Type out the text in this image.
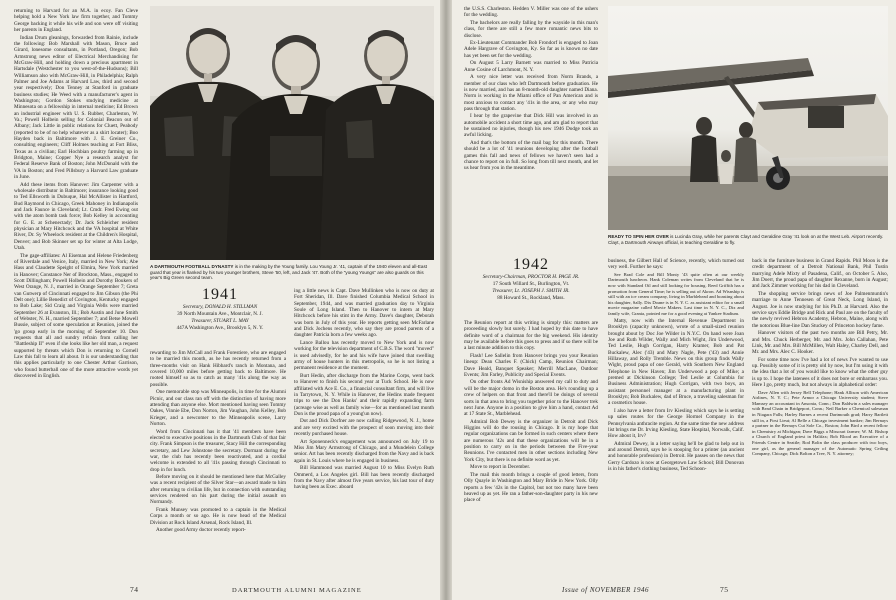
returning to Harvard for an M.A. in ecoy. Fan Cleve helping hold a New York law firm together, and Tommy George backing it while his wife and son were off visiting her parents in England.

Indian Drum gleanings, forwarded from Rainie, include the following: Bob Marshall with Mason, Bruce and Girard, lonesome consultants, in Portland, Oregon; Bob Armstrong news editor of Electrical Merchandising for McGraw-Hill, and holding down a precious apartment in Hartsdale (Westchester to you west-of-the-Hudsons); Bill Williamson also with McGraw-Hill, in Philadelphia; Ralph Palmer and Joe Adams at Harvard Law, third and second year respectively; Don Tenney at Stanford in graduate business studies; He Weed with a manufacturer's agent in Washington; Gordon Stokes studying medicine at Minnesota on a fellowship in internal medicine; Ed Brown an industrial engineer with U. S. Rubber, Charleston, W. Va.; Powell Holbein selling for Colonial Beacon out of Albany; Jack Little in public relations for Cluett, Peabody (reported to be of no help whatever as a shirt locater); Boo Hayden back in Baltimore with J. E. Greiner Co., consulting engineers; Cliff Holmes teaching at Fort Bliss, Texas as a civilian; Earl Hochbian poultry farming up in Bridgton, Maine; Copper Nye a research analyst for Federal Reserve Bank of Boston; John McDonald with the VA in Boston; and Fred Pillsbury a Harvard Law graduate in June.

Add these items from Hanover: Jim Carpenter with a wholesale distributor in Baltimore; insurance looking good to Ted Ellsworth in Dubuque, Hal McAllister in Hartford, Bud Raymond in Chicago, Greek Mahoney in Indianapolis and Jack Faunce in Cleveland; Lt. Cmdr. Fred Ewing out with the atom bomb task force; Bob Kelley in accounting for G. E. at Schenectady; Dr. Jack Schleicher resident physician at Mary Hitchcock and the VA hospital at White River, Dr. Sy Wheelock resident at the Children's Hospital, Denver; and Bob Skinner set up for winter at Alta Lodge, Utah.

The gage-affiliates: Al Eiseman and Helene Friedenberg of Riverdale and Venice, Italy, married in New York; Abe Hass and Claudette Speight of Elmira, New York married in Hanover; Constance Ner of Brockton, Mass., engaged to Scott Dillingham; Powell Holbein and Dorothy Boukers of West Orange, N. J., married in Orange September 7; Greta van Gutwerp of Cincinnati engaged to Jim Gibson (the Phi Delt one); Lillie Benedict of Covington, Kentucky engaged to Bob Lake; Sid Craig and Virginia Wells were married September 26 at Evanston, Ill.; Bob Austin and June Smith of Webster, N. H., married September 7; and Betse Mowell Bussie, subject of some speculation at Reunion, joined the 'go group early in the morning of September 10. Don requests that all and sundry refrain from calling her "Battleship II" even if she looks like her old man, a request supported by threats which Don is returning to Cornell Law this fall to learn all about. It is our understanding that this applies particularly to one Chester Arthur Garrison, who found butterball one of the more attractive words yet discovered in English.

A DARTMOUTH FOOTBALL DYNASTY is in the making by the Young family. Lou Young Jr. '41, captain of the 1940 eleven and all-East guard that year is flanked by his two younger brothers, Steve '50, left, and Jack '47. Both of the "young Youngs" are also guards on this year's Big Green second team.
1941
Secretary, DONALD H. STILLMAN
39 North Mountain Ave., Montclair, N. J.
Treasurer, STUART L. MAY
447A Washington Ave., Brooklyn 5, N. Y.

rewarding to Jim McCall and Frank Forestiere, who are engaged to be married this month, as he has recently returned from a three-months visit on Hank Hibbard's ranch in Montana, and covered 10,000 miles before getting back to Baltimore. He rooted himself so as to catch as many '41s along the way as possible.

One memorable stop was Minneapolis, in time for the Alumni Picnic, and our class ran off with the distinction of having more attending than anyone else. Mort mentioned having seen Tommy Oakes, Vinnie Ebe, Don Norton, Jim Vaughan, John Kelley, Bob Krieger, and a newcomer to the Minneapolis scene, Larry Norton.

Word from Cincinnati has it that '41 members have been elected to executive positions in the Dartmouth Club of that fair city. Frank Simpson is the treasurer, Stacy Hill the corresponding secretary, and Lew Johnstone the secretary. Dormant during the war, the club has recently been reactivated, and a cordial welcome is extended to all '41s passing through Cincinnati to drop in for lunch.

Before moving on it should be mentioned here that McGalley was a recent recipient of the Silver Star—an award made to him after returning to civilian life, but in connection with outstanding services rendered on his part during the initial assault on Normandy.

Frank Munsey was promoted to a captain in the Medical Corps a month or so ago. He is now head of the Medical Division at Rock Island Arsenal, Rock Island, Ill.

Another good Army doctor recently report-

ing a little news is Capt. Dave Mullinken who is now on duty at Fort Sheridan, Ill. Dave finished Columbia Medical School in September, 1944, and was married graduation day to Virginia Soule of Long Island. Then to Hanover to intern at Mary Hitchcock before his stint in the Army. Dave's daughter, Deborah was born in July of this year. He reports getting seen McFarlane and Dick Jochens recently, who say they are proud parents of a daughter Patricia born a few weeks ago.

Lance Ballou has recently moved to New York and is now working for the television department of C.B.S. The word "moved" is used advisedly, for he and his wife have joined that swelling army of house hunters in this metropolis, so he is not listing a permanent residence at the moment.

Burt Hedin, after discharge from the Marine Corps, went back to Hanover to finish his second year at Tuck School. He is now affiliated with Ace E. Co., a financial consultant firm, and will live in Tarrytown, N. Y. While in Hanover, the Hedins made frequent trips to see the Don Hanks' and their rapidly expanding farm (acreage wise as well as family wise—for as mentioned last month Don is the proud papa of a young'un now).

Dot and Dick Dorfner are now calling Ridgewood, N. J., home and are very excited with the prospect of soon moving into their recently purchased house.

Art Sponenneck's engagement was announced on July 19 to Miss Jim Mary Armstrong of Chicago, and a Mundelein College senior. Art has been recently discharged from the Navy and is back again in St. Louis where he is engaged in business.

Bill Hammond was married August 10 to Miss Evelyn Ruth Ommerd, a Los Angeles girl. Bill has been recently discharged from the Navy after almost five years service, his last tour of duty having been as Exec. aboard

74	DARTMOUTH ALUMNI MAGAZINE

the U.S.S. Charleston. Hedden V. Miller was one of the ushers for the wedding.

The bachelors are really falling by the wayside in this man's class, for there are still a few more romantic news bits to disclose.

Ex-Lieutenant Commander Bob Frondorf is engaged to Joan Adele Hargrave of Covington, Ky. So far as is known no date has yet been set for the wedding.

On August 5 Larry Barnett was married to Miss Patricia Anne Cosine of Larchmont, N. Y.

A very nice letter was received from Norm Brands, a member of our class who left Dartmouth before graduation. He is now married, and has an 8-month-old daughter named Diana. Norm is working in the Miami office of Pan American and is most anxious to contact any '41s in the area, or any who may pass through that station.

I hear by the grapevine that Dick Hill was involved in an automobile accident a short time ago, and am glad to report that he sustained no injuries, though his new 1946 Dodge took an awful licking.

And that's the bottom of the mail bag for this month. There should be a lot of '41 reunions developing after the football games this fall and news of fellows we haven't seen had a chance to report on in full. So long from till next month, and let us hear from you in the meantime.

READY TO SPIN HER OVER is Lucinda Gray, while her parents Clayt and Geraldine Gray '41 look on at the West Leb. Airport recently. Clayt, a Dartmouth Airways official, is teaching Geraldine to fly.
1942
Secretary-Chairman, PROCTOR H. PAGE JR.
17 South Willard St., Burlington, Vt.
Treasurer, Lt. JOSEPH J. SMITH JR.
88 Howard St., Rockland, Mass.

The Reunion report at this writing is simply this: matters are proceeding slowly but surely. I had hoped by this date to have definite word of a chairman for the big weekend. His identity may be available before this goes to press and if so there will be a last minute addition to this copy.

Flash! Lee Sallelin from Hanover brings you your Reunion lineup: Dean Charles F. (Chick) Camp, Reunion Chairman; Dave Heald, Banquet Speaker; Merrill MacLane, Outdoor Events; Jim Farley, Publicity and Special Events.

On other fronts Ad Wisniship answered my call to duty and will be the major domo in the Boston area. He's rounding up a crew of helpers on that front and there'll be doings of several sorts in that area to bring you together prior to the Hanover trek next June. Anyone in a position to give him a hand, contact Ad at 17 State St., Marblehead.

Admiral Bob Dewey is the organizer in Detroit and Dick Higgins will do the rousing in Chicago. It is my hope that regular organizations can be formed in such centers where there are numerous '42s and that these organizations will be in a position to carry on in the periods between the Five-year Reunions. I've contacted men in other sections including New York City, but there is no definite word as yet.

Move to report in December.

The mail this month brings a couple of good letters, from Olly Quayle in Washington and Mary Bride in New York. Olly reports a few '42s in the Capitol, but not too many have been heaved up as yet. He ran a father-son-daughter party in his new place of

business, the Gilbert Hall of Science, recently, which turned out very well. Further he says:

See Brad Cole and Bill Monty '43 quite often at our weekly Dartmouth luncheon. Hank Coleman writes from Cleveland that he is now with Standard Oil and still looking for housing. Reed Griffith has a promotion from General Time; he is selling out of Akron. Ad Wisnship is still with an ice cream company, living in Marblehead and boasting about his daughter, Sally. Dix Doane is in N. Y. C. as assistant editor for a small movie magazine called Movie Makers. Last time in N. Y. C., Dix and family wife, Grania, pointed me for a good evening at Yankee Stadium.

Matty, now with the Internal Revenue Department in Brooklyn (capacity unknown), wrote of a small-sized reunion brought about by Doc Joe Wilder in N.Y.C. On hand were Joan Joe and Ruth Wilder, Wally and Mich Wight, Jim Underwood, Ted Leslie, Hugh Corrigan, Harry Kramer, Bob and Pat Buckalew, Alec ('43) and Mary Nagle, Pete ('43) and Annie Hillaway, and Rolly Tremble. News on this group finds Wally Wight, proud papa of one Gerald, with Southern New England Telephone in New Haven; Jim Underwood a pop of Mike; a premed at Dickinson College; Ted Leslie at Columbia for Business Administration; Hugh Corrigan, with two boys, an assistant personnel manager at a manufacturing plant in Brooklyn; Bob Buckalew, dad of Bruce, a traveling salesman for a cosmetics house.

I also have a letter from Irv Kiesling which says he is setting up sales routes for the George Hormel Company in the Pennsylvania anthracite region. At the same time the new address list brings me Dr. Irving Kiesling, State Hospital, Norwalk, Calif. How about it, Irv?

Admiral Dewey, in a letter saying he'll be glad to help out in and around Detroit, says he is stooping for a printer (an ancient and honorable profession) in Detroit. He passes on the news that Gerry Cardozo is now at Georgetown Law School; Bill Donovan is in his father's clothing business, Ted Schoon-

back in the furniture business in Grand Rapids. Phil Moon is the credit department of a Detroit National Bank, Phil Tustin marrying Adele Mixty of Pasadena, Calif., on October 5. Also, Jim Doerr, the proud papa of daughter Rexanne, born in August; and Jack Zimmer working for his dad in Cleveland.

The shopping service brings news of Joe Palmenmuntin's marriage to Anne Tennesen of Great Neck, Long Island, in August. Joe is now studying for his Ph.D. at Harvard. Also the service says Eddie Bridge and Rick and Paul are on the faculty of the newly revived Hebron Academy, Hebron, Maine, along with the notorious Blue-line Dan Stuckey of Princeton hockey fame.

Hanover visitors of the past two months are Bill Petry, Mr. and Mrs. Chuck Herberger, Mr. and Mrs. John Callahan, Pete Link, Mr. and Mrs. Bill McMillen, Walt Haley, Charley Dell, and Mr. and Mrs. Alec C. Hooker.

For some time now I've had a lot of news I've wanted to use up. Possibly some of it is pretty old by now, but I'm using it with the idea that a lot of you would like to know what the other guy is up to. I hope the latenees of it does not bore or embarrass you. Here I go, pretty much, but not always in alphabetical order:

Dave Allen with Jersey Bell Telephone; Hank Allison with American Airlines, N. Y. C.; Pete Armor a Chicago University student; Steve Mamsey an accountant in Ansonia, Conn.; Don Baldwin a sales manager with Bead Chain in Bridgeport, Conn.; Neil Barker a Chemical salesman in Niagara Falls; Harley Barnes a recent Dartmouth grad; Harry Bartlett still in, a First Lieut; Al Belle a Chicago investment banker; Jim Bernays a partner in the Bernays Cut Sole Co., Boston; John Bird a recent fellow in Chemistry at Michigan; Dave Biggs a Missouri farmer; W. M. Bishop a Church of England priest in Halifax; Bob Blood an Executive of a Friends Centre in Seattle; Rod Bolin the class producer with two boys, one girl, as the general manager of the Automatic Spring Ceiling Company, Chicago; Dick Bolton a Tree, N. Y. attorney;

Issue of NOVEMBER 1946	75
